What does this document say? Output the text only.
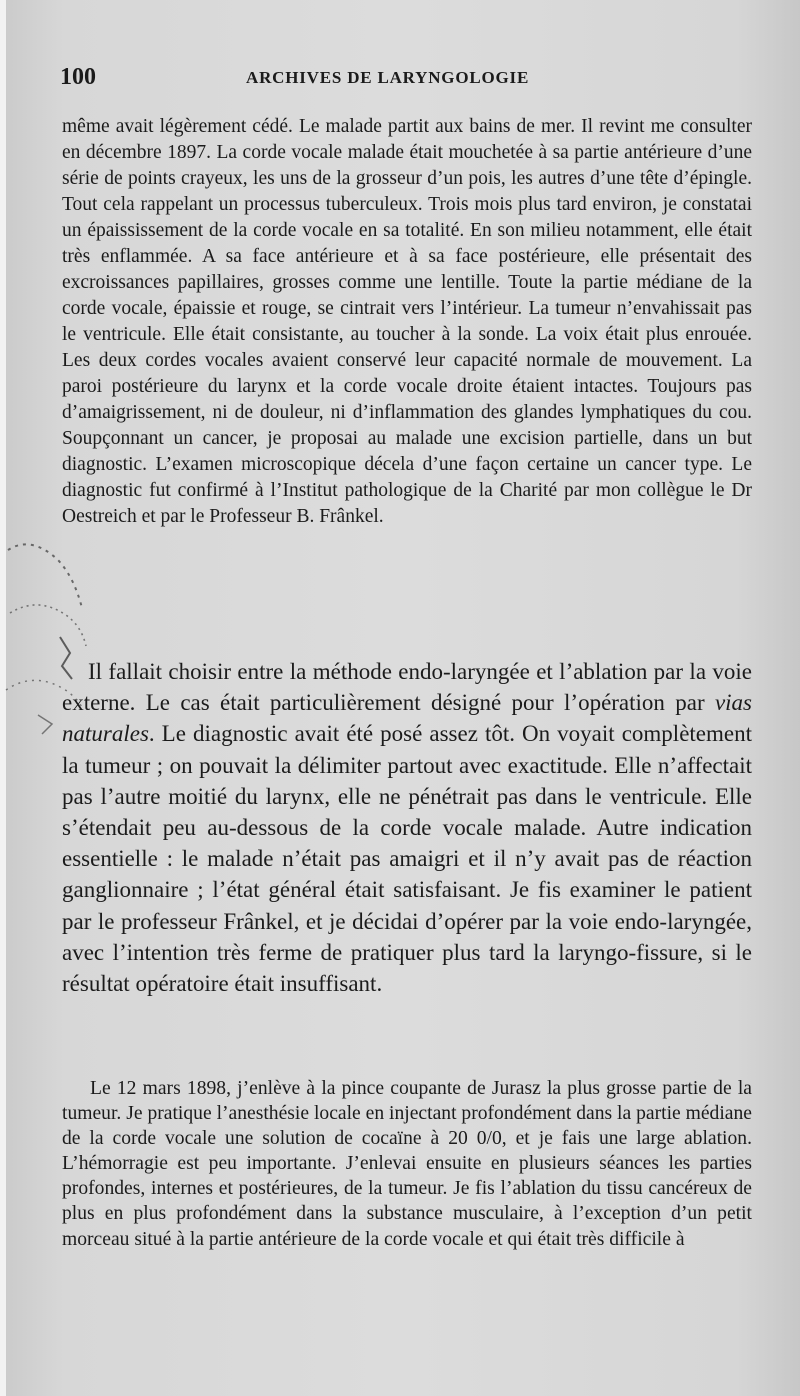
100	ARCHIVES DE LARYNGOLOGIE
même avait légèrement cédé. Le malade partit aux bains de mer. Il revint me consulter en décembre 1897. La corde vocale malade était mouchetée à sa partie antérieure d’une série de points crayeux, les uns de la grosseur d’un pois, les autres d’une tête d’épingle. Tout cela rappelant un processus tuberculeux. Trois mois plus tard environ, je constatai un épaississement de la corde vocale en sa totalité. En son milieu notamment, elle était très enflammée. A sa face antérieure et à sa face postérieure, elle présentait des excroissances papillaires, grosses comme une lentille. Toute la partie médiane de la corde vocale, épaissie et rouge, se cintrait vers l’intérieur. La tumeur n’envahissait pas le ventricule. Elle était consistante, au toucher à la sonde. La voix était plus enrouée. Les deux cordes vocales avaient conservé leur capacité normale de mouvement. La paroi postérieure du larynx et la corde vocale droite étaient intactes. Toujours pas d’amaigrissement, ni de douleur, ni d’inflammation des glandes lymphatiques du cou. Soupçonnant un cancer, je proposai au malade une excision partielle, dans un but diagnostic. L’examen microscopique décela d’une façon certaine un cancer type. Le diagnostic fut confirmé à l’Institut pathologique de la Charité par mon collègue le Dr Oestreich et par le Professeur B. Frânkel.
Il fallait choisir entre la méthode endo-laryngée et l’ablation par la voie externe. Le cas était particulièrement désigné pour l’opération par vias naturales. Le diagnostic avait été posé assez tôt. On voyait complètement la tumeur ; on pouvait la délimiter partout avec exactitude. Elle n’affectait pas l’autre moitié du larynx, elle ne pénétrait pas dans le ventricule. Elle s’étendait peu au-dessous de la corde vocale malade. Autre indication essentielle : le malade n’était pas amaigri et il n’y avait pas de réaction ganglionnaire ; l’état général était satisfaisant. Je fis examiner le patient par le professeur Frânkel, et je décidai d’opérer par la voie endo-laryngée, avec l’intention très ferme de pratiquer plus tard la laryngo-fissure, si le résultat opératoire était insuffisant.
Le 12 mars 1898, j’enlève à la pince coupante de Jurasz la plus grosse partie de la tumeur. Je pratique l’anesthésie locale en injectant profondément dans la partie médiane de la corde vocale une solution de cocaïne à 20 0/0, et je fais une large ablation. L’hémorragie est peu importante. J’enlevai ensuite en plusieurs séances les parties profondes, internes et postérieures, de la tumeur. Je fis l’ablation du tissu cancéreux de plus en plus profondément dans la substance musculaire, à l’exception d’un petit morceau situé à la partie antérieure de la corde vocale et qui était très difficile à
